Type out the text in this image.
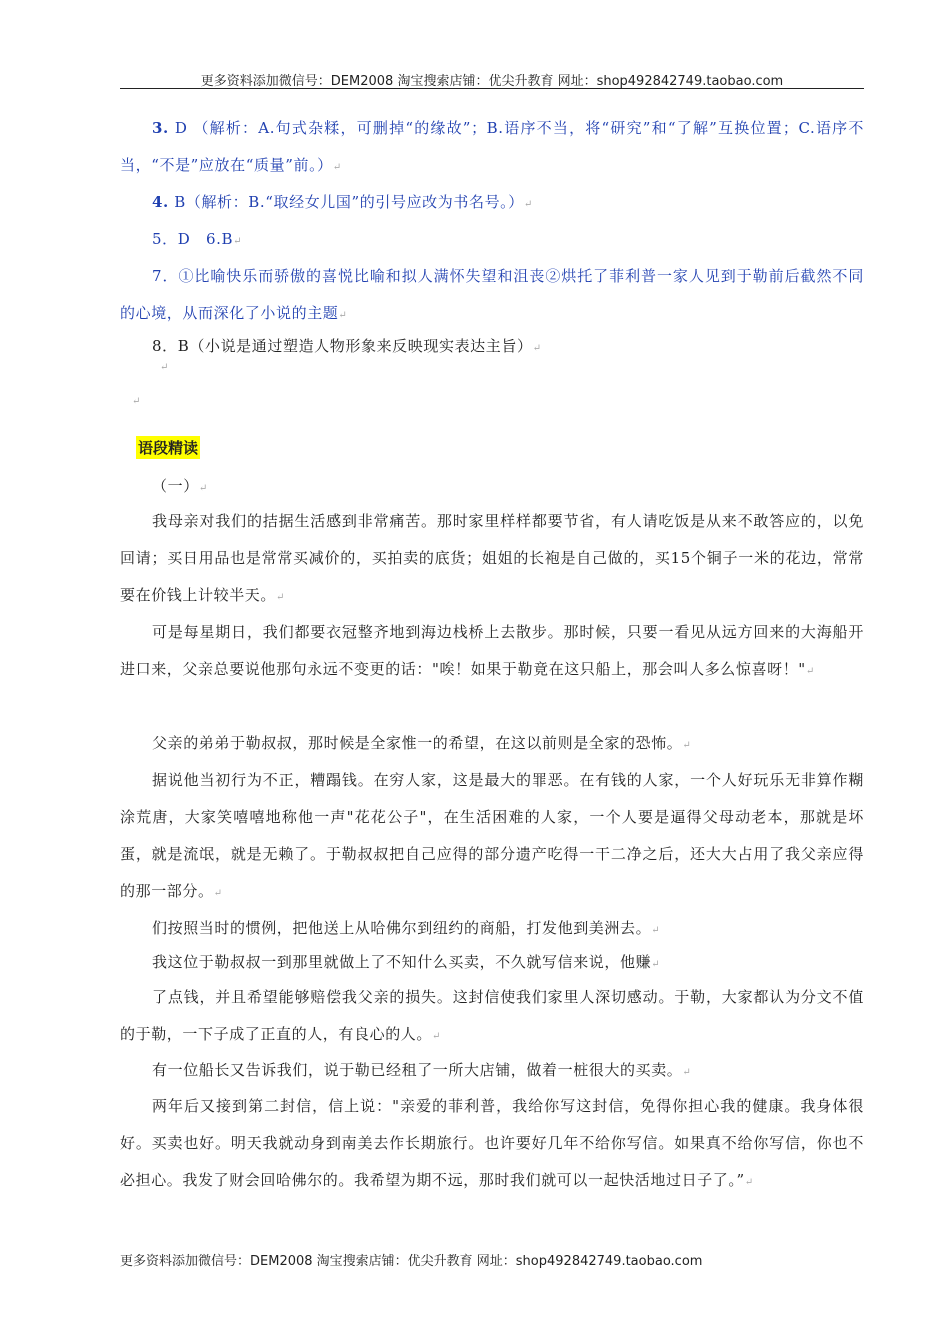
更多资料添加微信号：DEM2008 淘宝搜索店铺：优尖升教育 网址：shop492842749.taobao.com

3. D （解析：A.句式杂糅，可删掉“的缘故”；B.语序不当，将“研究”和“了解”互换位置；C.语序不当，“不是”应放在“质量”前。）↵

4. B（解析：B.“取经女儿国”的引号应改为书名号。）↵

5．D　6.B↵

7．①比喻快乐而骄傲的喜悦比喻和拟人满怀失望和沮丧②烘托了菲利普一家人见到于勒前后截然不同的心境，从而深化了小说的主题↵

8．B（小说是通过塑造人物形象来反映现实表达主旨）↵

↵
↵
语段精读

（一）↵

我母亲对我们的拮据生活感到非常痛苦。那时家里样样都要节省，有人请吃饭是从来不敢答应的，以免回请；买日用品也是常常买减价的，买拍卖的底货；姐姐的长袍是自己做的，买15个铜子一米的花边，常常要在价钱上计较半天。↵

可是每星期日，我们都要衣冠整齐地到海边栈桥上去散步。那时候，只要一看见从远方回来的大海船开进口来，父亲总要说他那句永远不变更的话："唉！如果于勒竟在这只船上，那会叫人多么惊喜呀！"↵

父亲的弟弟于勒叔叔，那时候是全家惟一的希望，在这以前则是全家的恐怖。↵

据说他当初行为不正，糟蹋钱。在穷人家，这是最大的罪恶。在有钱的人家，一个人好玩乐无非算作糊涂荒唐，大家笑嘻嘻地称他一声"花花公子"，在生活困难的人家，一个人要是逼得父母动老本，那就是坏蛋，就是流氓，就是无赖了。于勒叔叔把自己应得的部分遗产吃得一干二净之后，还大大占用了我父亲应得的那一部分。↵

们按照当时的惯例，把他送上从哈佛尔到纽约的商船，打发他到美洲去。↵

我这位于勒叔叔一到那里就做上了不知什么买卖，不久就写信来说，他赚↵

了点钱，并且希望能够赔偿我父亲的损失。这封信使我们家里人深切感动。于勒，大家都认为分文不值的于勒，一下子成了正直的人，有良心的人。↵

有一位船长又告诉我们，说于勒已经租了一所大店铺，做着一桩很大的买卖。↵

两年后又接到第二封信，信上说："亲爱的菲利普，我给你写这封信，免得你担心我的健康。我身体很好。买卖也好。明天我就动身到南美去作长期旅行。也许要好几年不给你写信。如果真不给你写信，你也不必担心。我发了财会回哈佛尔的。我希望为期不远，那时我们就可以一起快活地过日子了。”↵

更多资料添加微信号：DEM2008 淘宝搜索店铺：优尖升教育 网址：shop492842749.taobao.com
